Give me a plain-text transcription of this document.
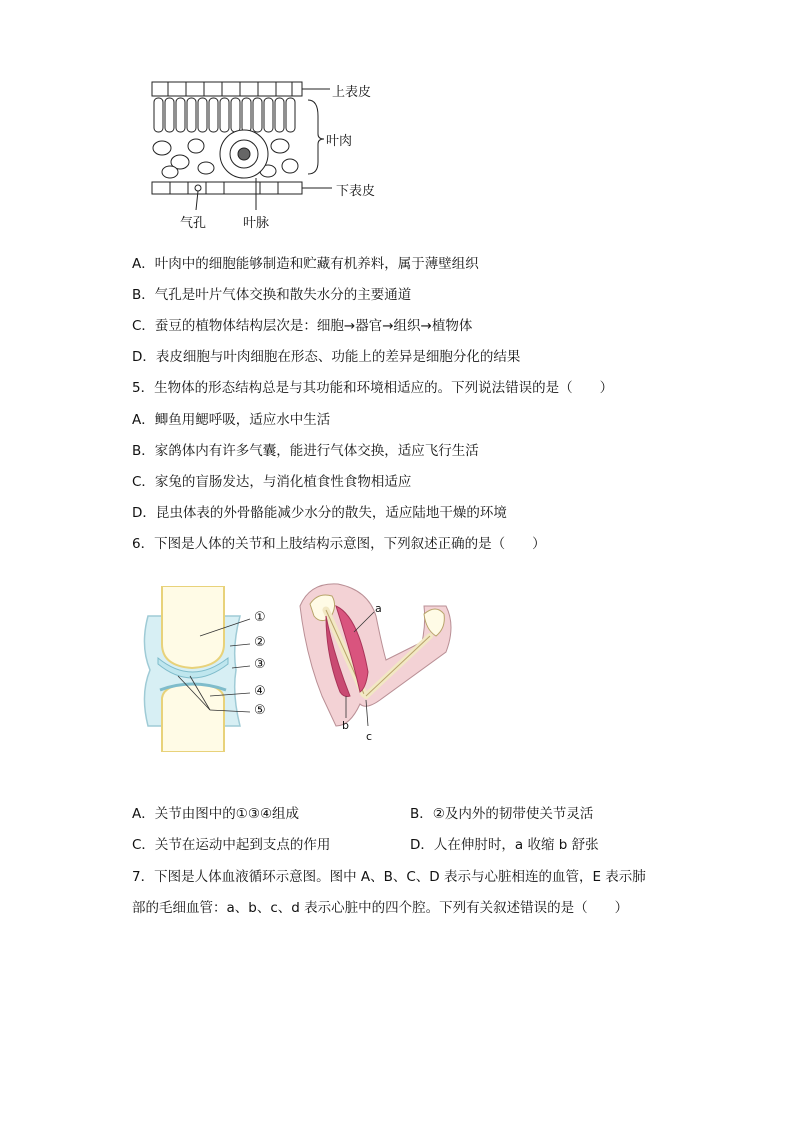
上表皮
叶肉
下表皮
气孔	叶脉
A．叶肉中的细胞能够制造和贮藏有机养料，属于薄壁组织
B．气孔是叶片气体交换和散失水分的主要通道
C．蚕豆的植物体结构层次是：细胞→器官→组织→植物体
D．表皮细胞与叶肉细胞在形态、功能上的差异是细胞分化的结果
5．生物体的形态结构总是与其功能和环境相适应的。下列说法错误的是（　　）
A．鲫鱼用鳃呼吸，适应水中生活
B．家鸽体内有许多气囊，能进行气体交换，适应飞行生活
C．家兔的盲肠发达，与消化植食性食物相适应
D．昆虫体表的外骨骼能减少水分的散失，适应陆地干燥的环境
6．下图是人体的关节和上肢结构示意图，下列叙述正确的是（　　）
①
②
③
④
⑤
a
b
c
A．关节由图中的①③④组成	B．②及内外的韧带使关节灵活
C．关节在运动中起到支点的作用	D．人在伸肘时，a 收缩 b 舒张
7．下图是人体血液循环示意图。图中 A、B、C、D 表示与心脏相连的血管，E 表示肺
部的毛细血管：a、b、c、d 表示心脏中的四个腔。下列有关叙述错误的是（　　）
